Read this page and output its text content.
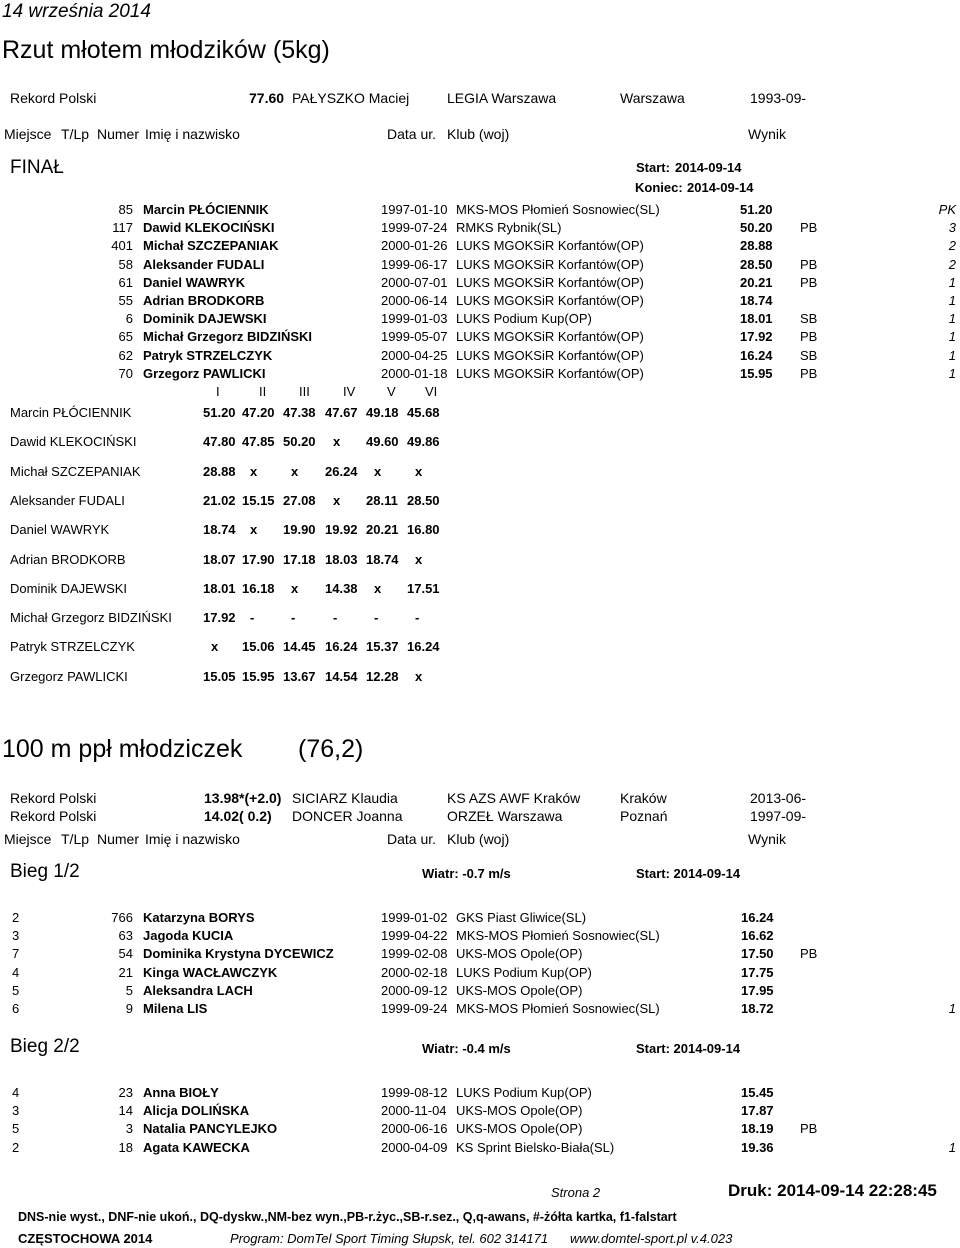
14 września 2014
Rzut młotem młodzików (5kg)
Rekord Polski	77.60 PAŁYSZKO Maciej	LEGIA Warszawa	Warszawa	1993-09-
Miejsce T/Lp Numer Imię i nazwisko	Data ur. Klub (woj)	Wynik
FINAŁ	Start: 2014-09-14
Koniec: 2014-09-14
85 Marcin PŁÓCIENNIK	1997-01-10 MKS-MOS Płomień Sosnowiec(SL)	51.20	PK
117 Dawid KLEKOCIŃSKI	1999-07-24 RMKS Rybnik(SL)	50.20 PB	3
401 Michał SZCZEPANIAK	2000-01-26 LUKS MGOKSiR Korfantów(OP)	28.88	2
58 Aleksander FUDALI	1999-06-17 LUKS MGOKSiR Korfantów(OP)	28.50 PB	2
61 Daniel WAWRYK	2000-07-01 LUKS MGOKSiR Korfantów(OP)	20.21 PB	1
55 Adrian BRODKORB	2000-06-14 LUKS MGOKSiR Korfantów(OP)	18.74	1
6 Dominik DAJEWSKI	1999-01-03 LUKS Podium Kup(OP)	18.01 SB	1
65 Michał Grzegorz BIDZIŃSKI	1999-05-07 LUKS MGOKSiR Korfantów(OP)	17.92 PB	1
62 Patryk STRZELCZYK	2000-04-25 LUKS MGOKSiR Korfantów(OP)	16.24 SB	1
70 Grzegorz PAWLICKI	2000-01-18 LUKS MGOKSiR Korfantów(OP)	15.95 PB	1
I	II	III	IV V VI
Marcin PŁÓCIENNIK	51.20 47.20 47.38 47.67 49.18 45.68
Dawid KLEKOCIŃSKI	47.80 47.85 50.20 x 49.60 49.86
Michał SZCZEPANIAK	28.88 x	x 26.24 x	x
Aleksander FUDALI	21.02 15.15 27.08 x 28.11 28.50
Daniel WAWRYK	18.74 x 19.90 19.92 20.21 16.80
Adrian BRODKORB	18.07 17.90 17.18 18.03 18.74 x
Dominik DAJEWSKI	18.01 16.18 x 14.38 x 17.51
Michał Grzegorz BIDZIŃSKI 17.92 -	-	-	-	-
Patryk STRZELCZYK	x 15.06 14.45 16.24 15.37 16.24
Grzegorz PAWLICKI	15.05 15.95 13.67 14.54 12.28 x
100 m ppł młodziczek (76,2)
Rekord Polski	13.98*(+2.0) SICIARZ Klaudia	KS AZS AWF Kraków	Kraków	2013-06-
Rekord Polski	14.02( 0.2) DONCER Joanna	ORZEŁ Warszawa	Poznań	1997-09-
Miejsce T/Lp Numer Imię i nazwisko	Data ur. Klub (woj)	Wynik
Bieg 1/2	Wiatr: -0.7 m/s	Start: 2014-09-14
2	766 Katarzyna BORYS	1999-01-02 GKS Piast Gliwice(SL)	16.24
3	63 Jagoda KUCIA	1999-04-22 MKS-MOS Płomień Sosnowiec(SL)	16.62
7	54 Dominika Krystyna DYCEWICZ	1999-02-08 UKS-MOS Opole(OP)	17.50 PB
4	21 Kinga WACŁAWCZYK	2000-02-18 LUKS Podium Kup(OP)	17.75
5	5 Aleksandra LACH	2000-09-12 UKS-MOS Opole(OP)	17.95
6	9 Milena LIS	1999-09-24 MKS-MOS Płomień Sosnowiec(SL)	18.72	1
Bieg 2/2	Wiatr: -0.4 m/s	Start: 2014-09-14
4	23 Anna BIOŁY	1999-08-12 LUKS Podium Kup(OP)	15.45
3	14 Alicja DOLIŃSKA	2000-11-04 UKS-MOS Opole(OP)	17.87
5	3 Natalia PANCYLEJKO	2000-06-16 UKS-MOS Opole(OP)	18.19 PB
2	18 Agata KAWECKA	2000-04-09 KS Sprint Bielsko-Biała(SL)	19.36	1
Strona 2	Druk: 2014-09-14 22:28:45
DNS-nie wyst., DNF-nie ukoń., DQ-dyskw.,NM-bez wyn.,PB-r.życ.,SB-r.sez., Q,q-awans, #-żółta kartka, f1-falstart
CZĘSTOCHOWA 2014	Program: DomTel Sport Timing Słupsk, tel. 602 314171 www.domtel-sport.pl v.4.023
